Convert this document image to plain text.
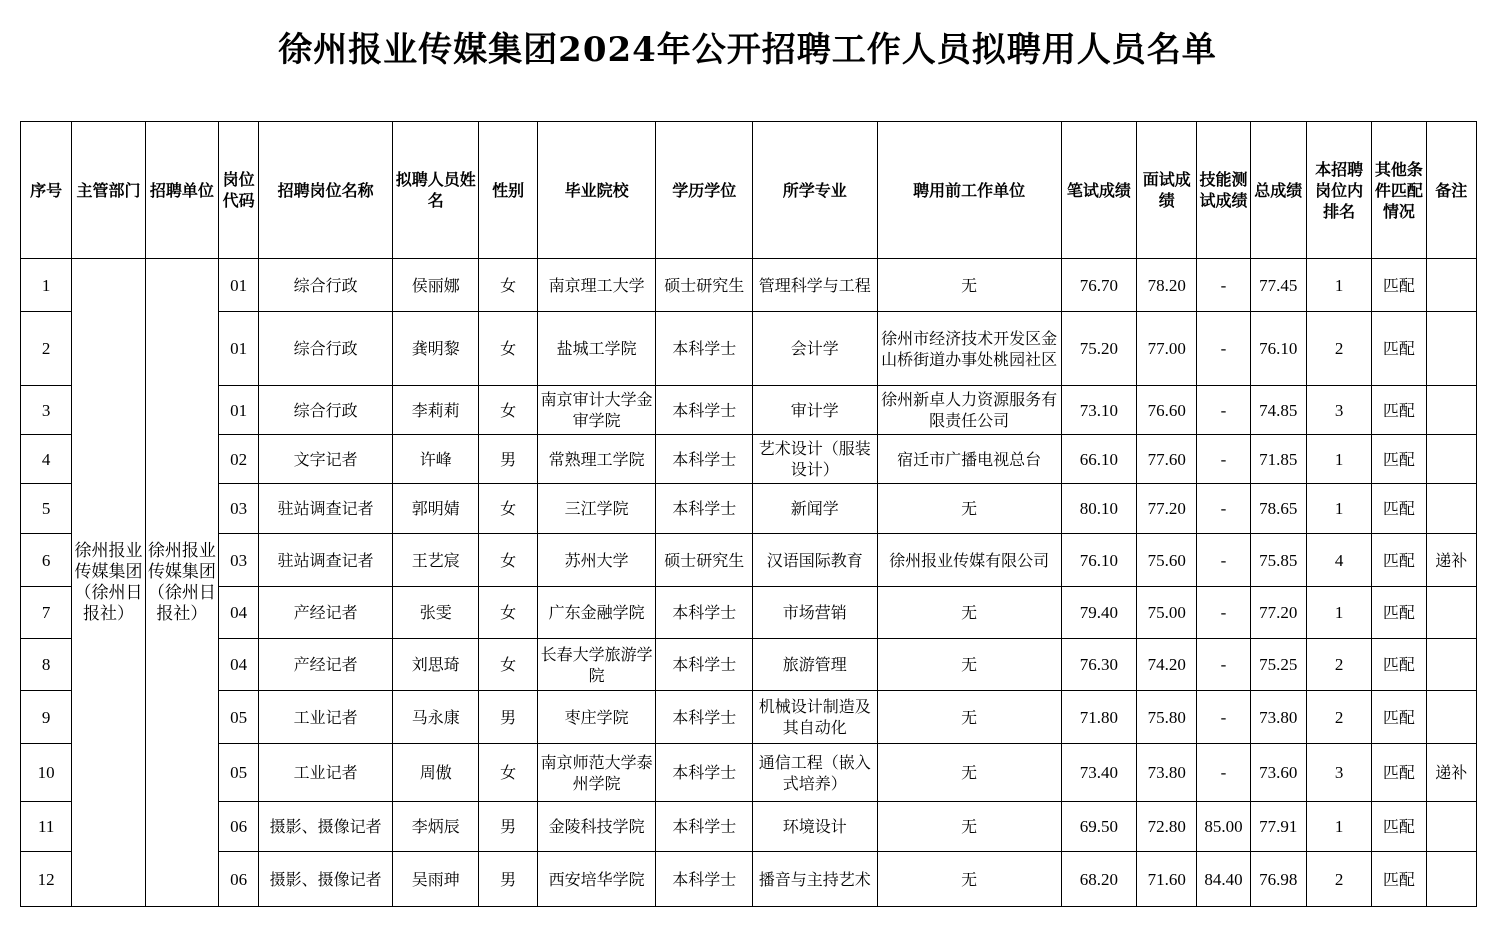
徐州报业传媒集团2024年公开招聘工作人员拟聘用人员名单
序号	主管部门	招聘单位	岗位代码	招聘岗位名称	拟聘人员姓名	性别	毕业院校	学历学位	所学专业	聘用前工作单位	笔试成绩	面试成绩	技能测试成绩	总成绩	本招聘岗位内排名	其他条件匹配情况	备注
1	徐州报业传媒集团（徐州日报社）	徐州报业传媒集团（徐州日报社）	01	综合行政	侯丽娜	女	南京理工大学	硕士研究生	管理科学与工程	无	76.70	78.20	-	77.45	1	匹配	
2			01	综合行政	龚明黎	女	盐城工学院	本科学士	会计学	徐州市经济技术开发区金山桥街道办事处桃园社区	75.20	77.00	-	76.10	2	匹配	
3			01	综合行政	李莉莉	女	南京审计大学金审学院	本科学士	审计学	徐州新卓人力资源服务有限责任公司	73.10	76.60	-	74.85	3	匹配	
4			02	文字记者	许峰	男	常熟理工学院	本科学士	艺术设计（服装设计）	宿迁市广播电视总台	66.10	77.60	-	71.85	1	匹配	
5			03	驻站调查记者	郭明婧	女	三江学院	本科学士	新闻学	无	80.10	77.20	-	78.65	1	匹配	
6			03	驻站调查记者	王艺宸	女	苏州大学	硕士研究生	汉语国际教育	徐州报业传媒有限公司	76.10	75.60	-	75.85	4	匹配	递补
7			04	产经记者	张雯	女	广东金融学院	本科学士	市场营销	无	79.40	75.00	-	77.20	1	匹配	
8			04	产经记者	刘思琦	女	长春大学旅游学院	本科学士	旅游管理	无	76.30	74.20	-	75.25	2	匹配	
9			05	工业记者	马永康	男	枣庄学院	本科学士	机械设计制造及其自动化	无	71.80	75.80	-	73.80	2	匹配	
10			05	工业记者	周傲	女	南京师范大学泰州学院	本科学士	通信工程（嵌入式培养）	无	73.40	73.80	-	73.60	3	匹配	递补
11			06	摄影、摄像记者	李炳辰	男	金陵科技学院	本科学士	环境设计	无	69.50	72.80	85.00	77.91	1	匹配	
12			06	摄影、摄像记者	吴雨珅	男	西安培华学院	本科学士	播音与主持艺术	无	68.20	71.60	84.40	76.98	2	匹配	
